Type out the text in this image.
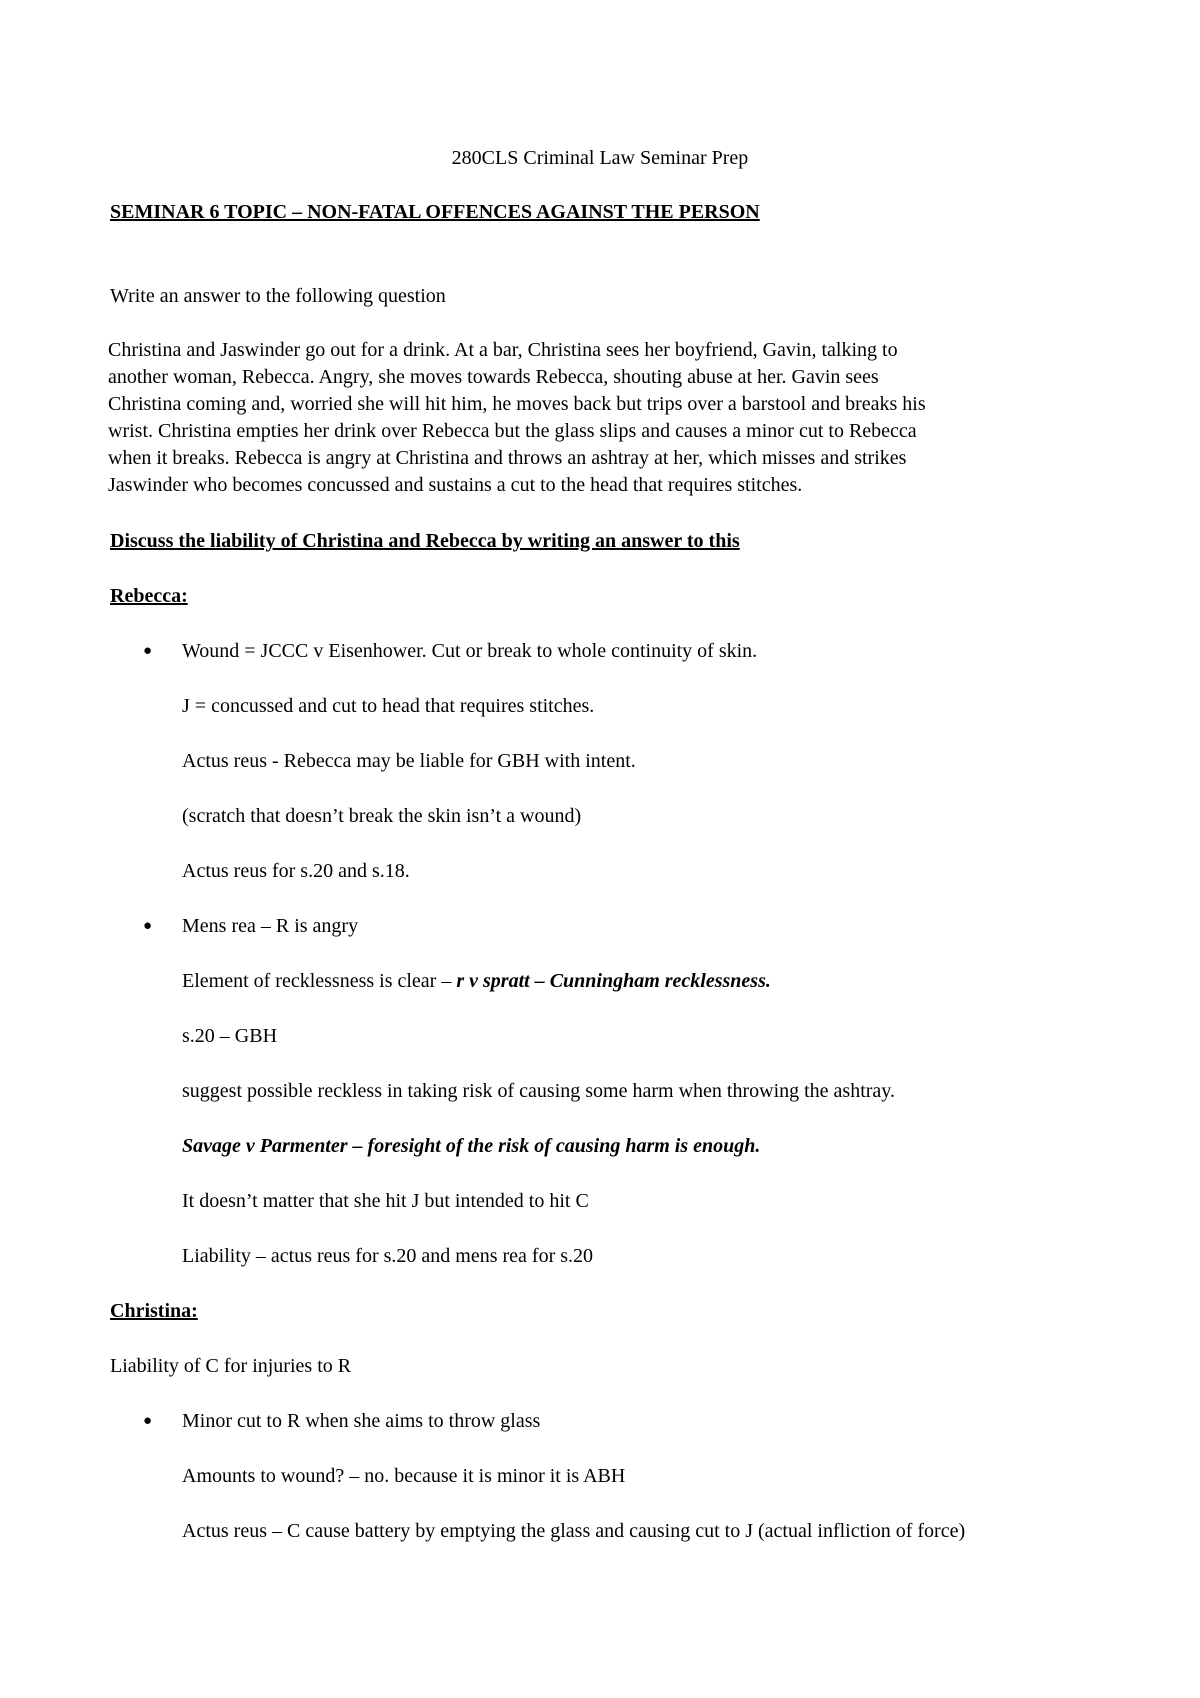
280CLS Criminal Law Seminar Prep
SEMINAR 6 TOPIC – NON-FATAL OFFENCES AGAINST THE PERSON
Write an answer to the following question
Christina and Jaswinder go out for a drink. At a bar, Christina sees her boyfriend, Gavin, talking to
another woman, Rebecca. Angry, she moves towards Rebecca, shouting abuse at her. Gavin sees
Christina coming and, worried she will hit him, he moves back but trips over a barstool and breaks his
wrist. Christina empties her drink over Rebecca but the glass slips and causes a minor cut to Rebecca
when it breaks. Rebecca is angry at Christina and throws an ashtray at her, which misses and strikes
Jaswinder who becomes concussed and sustains a cut to the head that requires stitches.
Discuss the liability of Christina and Rebecca by writing an answer to this
Rebecca:
● Wound = JCCC v Eisenhower. Cut or break to whole continuity of skin.
J = concussed and cut to head that requires stitches.
Actus reus - Rebecca may be liable for GBH with intent.
(scratch that doesn’t break the skin isn’t a wound)
Actus reus for s.20 and s.18.
● Mens rea – R is angry
Element of recklessness is clear – r v spratt – Cunningham recklessness.
s.20 – GBH
suggest possible reckless in taking risk of causing some harm when throwing the ashtray.
Savage v Parmenter – foresight of the risk of causing harm is enough.
It doesn’t matter that she hit J but intended to hit C
Liability – actus reus for s.20 and mens rea for s.20
Christina:
Liability of C for injuries to R
● Minor cut to R when she aims to throw glass
Amounts to wound? – no. because it is minor it is ABH
Actus reus – C cause battery by emptying the glass and causing cut to J (actual infliction of force)
